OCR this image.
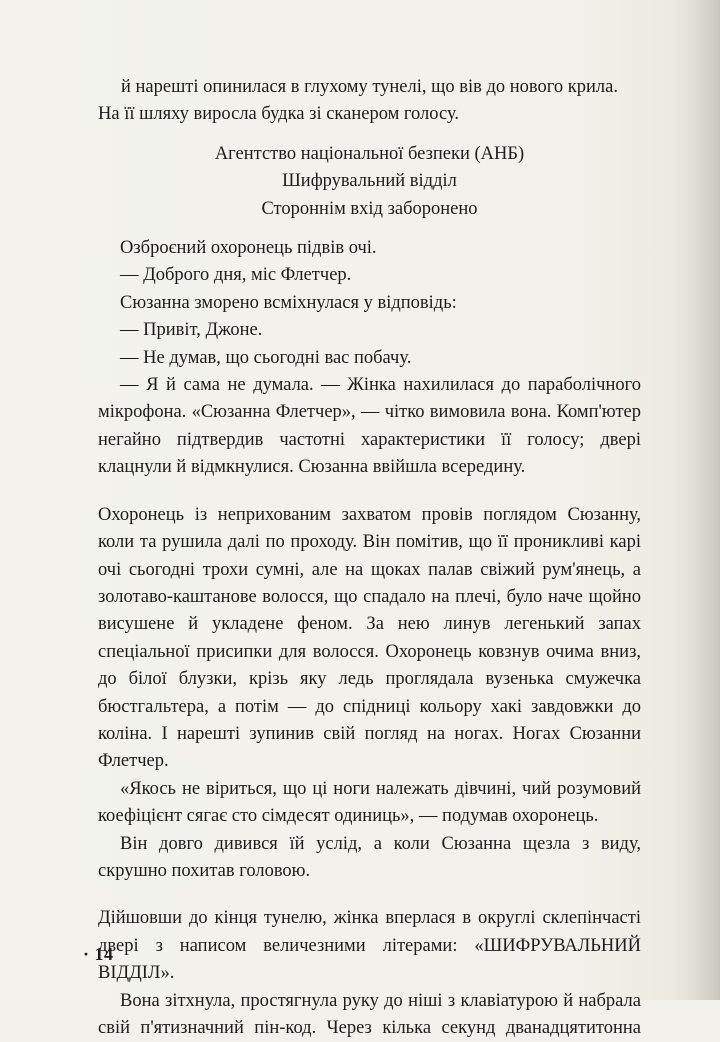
й нарешті опинилася в глухому тунелі, що вів до нового крила.

На її шляху виросла будка зі сканером голосу.

Агентство національної безпеки (АНБ)

Шифрувальний відділ

Стороннім вхід заборонено

Озброєний охоронець підвів очі.

— Доброго дня, міс Флетчер.

Сюзанна зморено всміхнулася у відповідь:

— Привіт, Джоне.

— Не думав, що сьогодні вас побачу.

— Я й сама не думала. — Жінка нахилилася до параболічного мікрофона. «Сюзанна Флетчер», — чітко вимовила вона. Комп'ютер негайно підтвердив частотні характеристики її голосу; двері клацнули й відмкнулися. Сюзанна ввійшла всередину.

Охоронець із неприхованим захватом провів поглядом Сюзанну, коли та рушила далі по проходу. Він помітив, що її проникливі карі очі сьогодні трохи сумні, але на щоках палав свіжий рум'янець, а золотаво-каштанове волосся, що спадало на плечі, було наче щойно висушене й укладене феном. За нею линув легенький запах спеціальної присипки для волосся. Охоронець ковзнув очима вниз, до білої блузки, крізь яку ледь проглядала вузенька смужечка бюстгальтера, а потім — до спідниці кольору хакі завдовжки до коліна. І нарешті зупинив свій погляд на ногах. Ногах Сюзанни Флетчер.

«Якось не віриться, що ці ноги належать дівчині, чий розумовий коефіцієнт сягає сто сімдесят одиниць», — подумав охоронець.

Він довго дивився їй услід, а коли Сюзанна щезла з виду, скрушно похитав головою.

Дійшовши до кінця тунелю, жінка вперлася в округлі склепінчасті двері з написом величезними літерами: «ШИФРУВАЛЬНИЙ ВІДДІЛ».

Вона зітхнула, простягнула руку до ніші з клавіатурою й набрала свій п'ятизначний пін-код. Через кілька секунд дванадцятитонна

· 14
